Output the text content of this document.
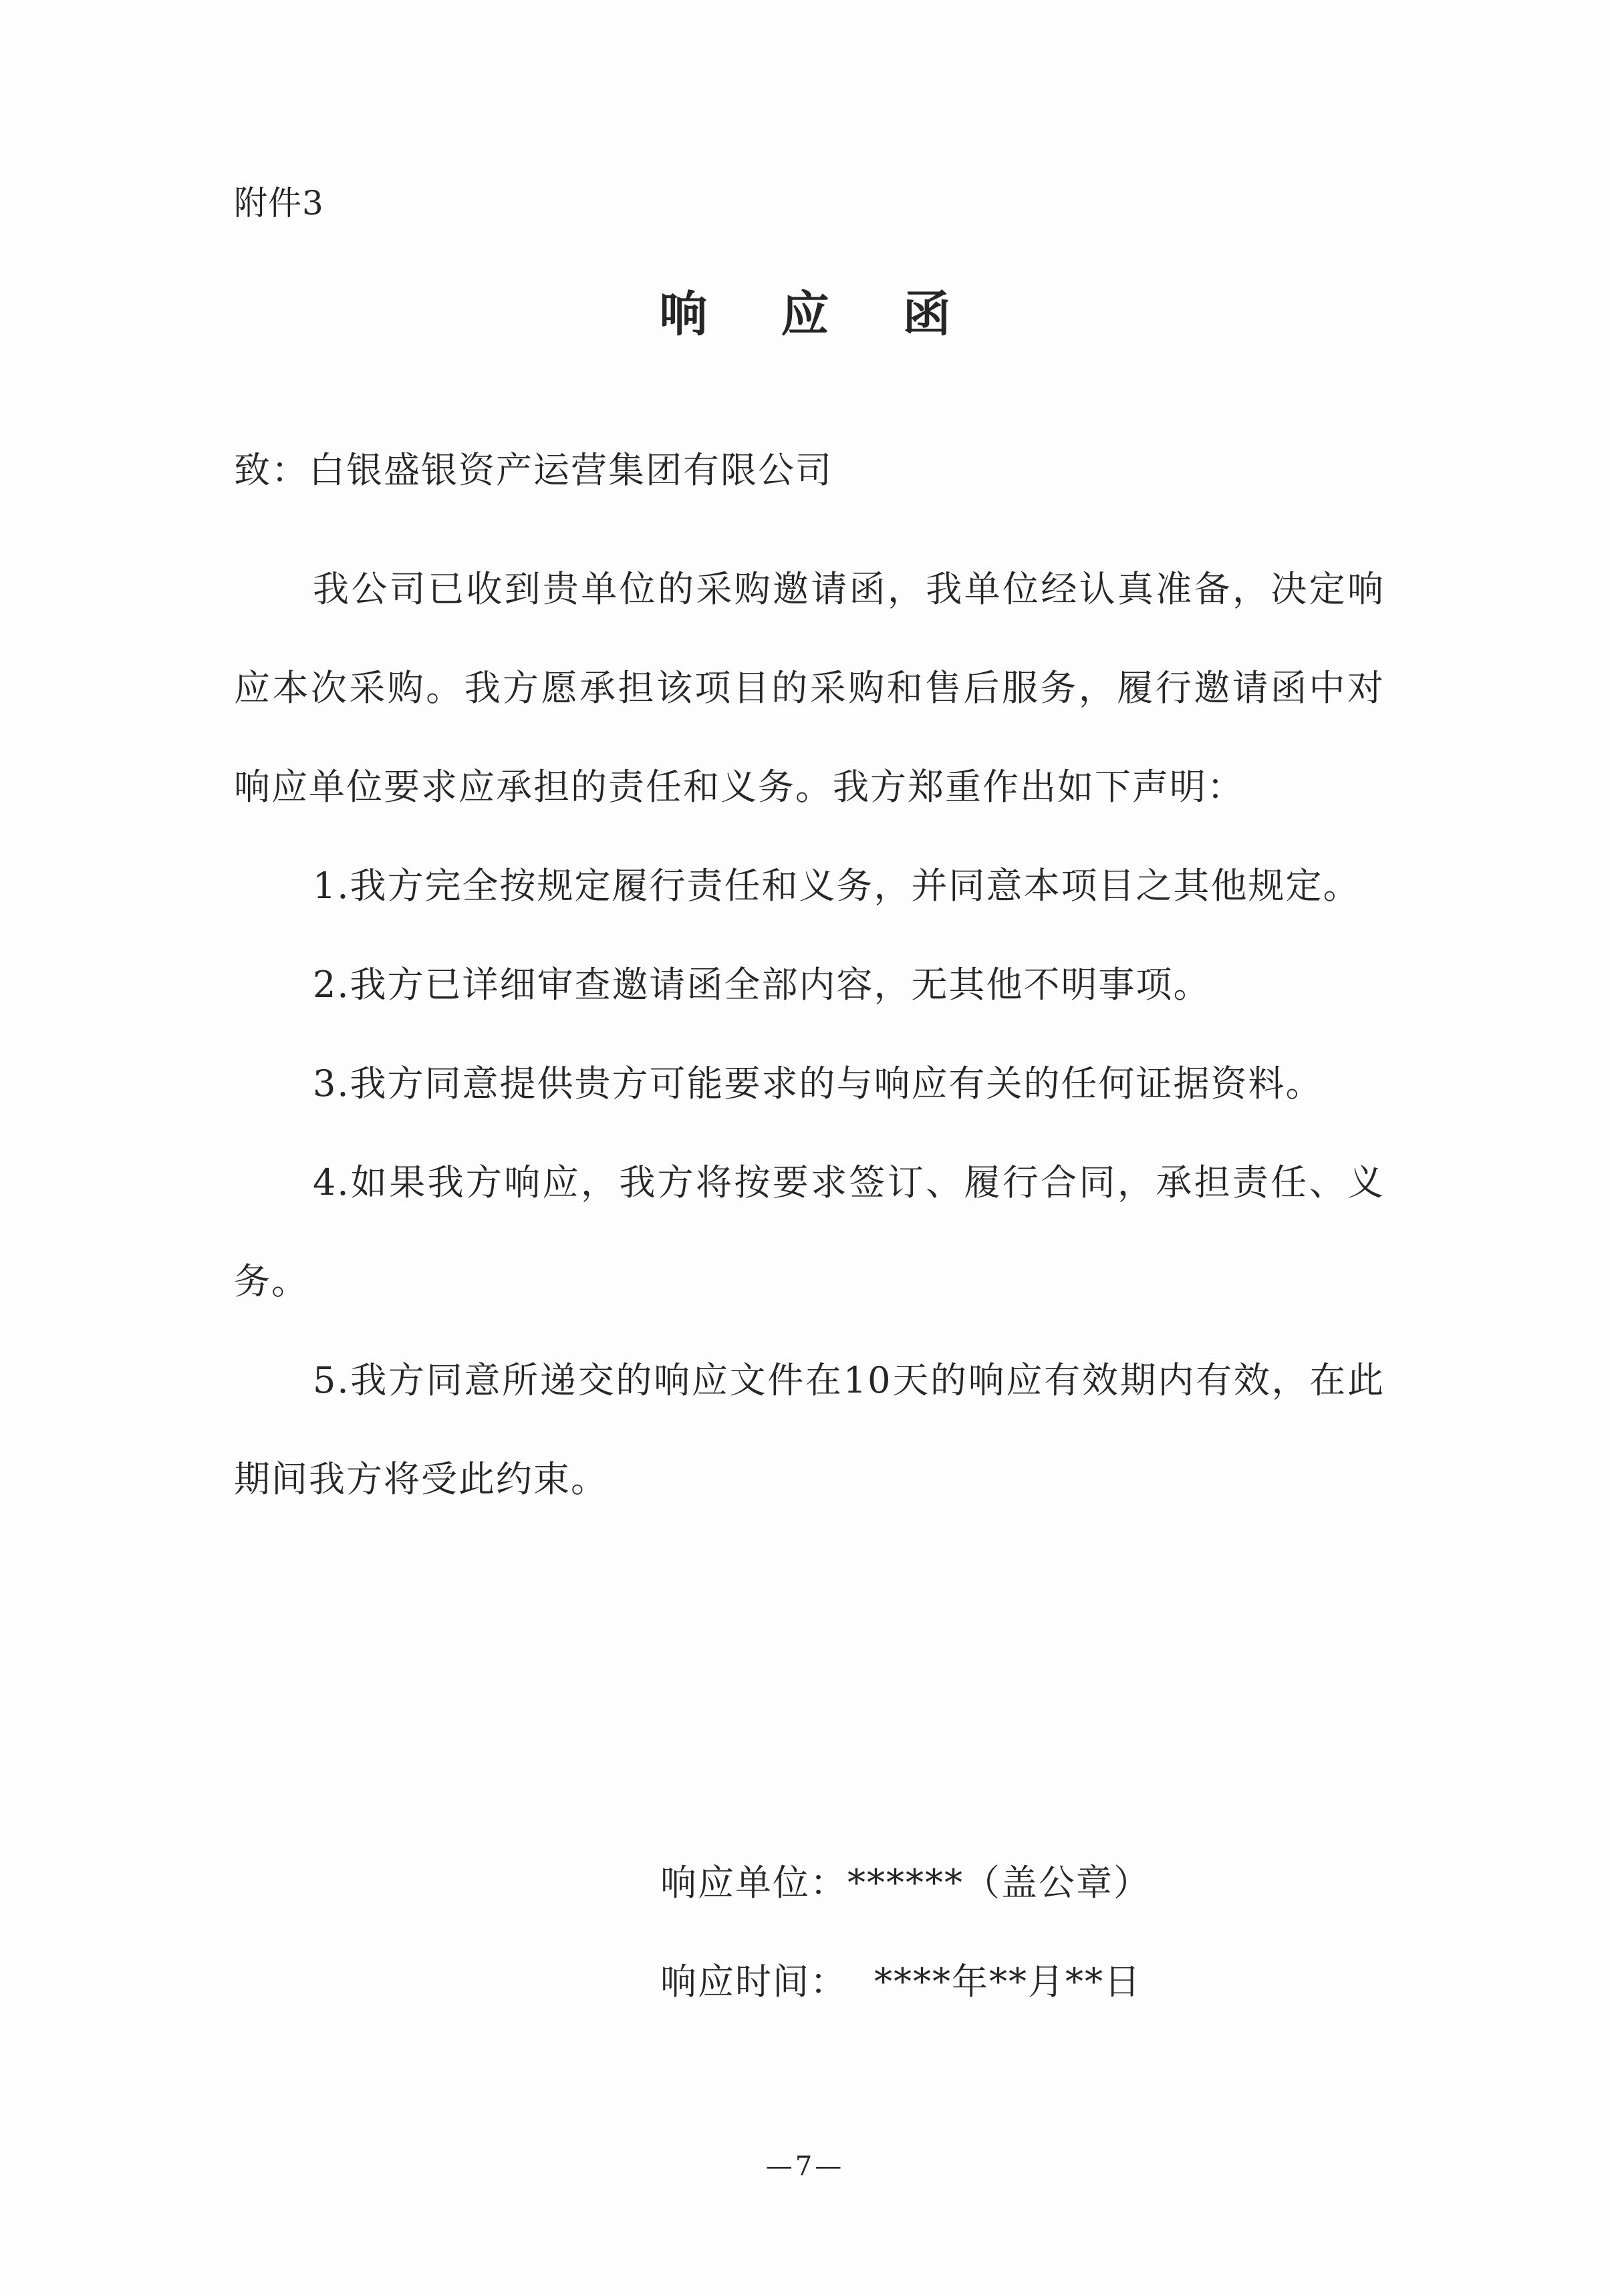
附件3
响应函
致：白银盛银资产运营集团有限公司

我公司已收到贵单位的采购邀请函，我单位经认真准备，决定响应本次采购。我方愿承担该项目的采购和售后服务，履行邀请函中对响应单位要求应承担的责任和义务。我方郑重作出如下声明：

1.我方完全按规定履行责任和义务，并同意本项目之其他规定。

2.我方已详细审查邀请函全部内容，无其他不明事项。

3.我方同意提供贵方可能要求的与响应有关的任何证据资料。

4.如果我方响应，我方将按要求签订、履行合同，承担责任、义务。

5.我方同意所递交的响应文件在10天的响应有效期内有效，在此期间我方将受此约束。

响应单位：******（盖公章）
响应时间： ****年**月**日
—7—
